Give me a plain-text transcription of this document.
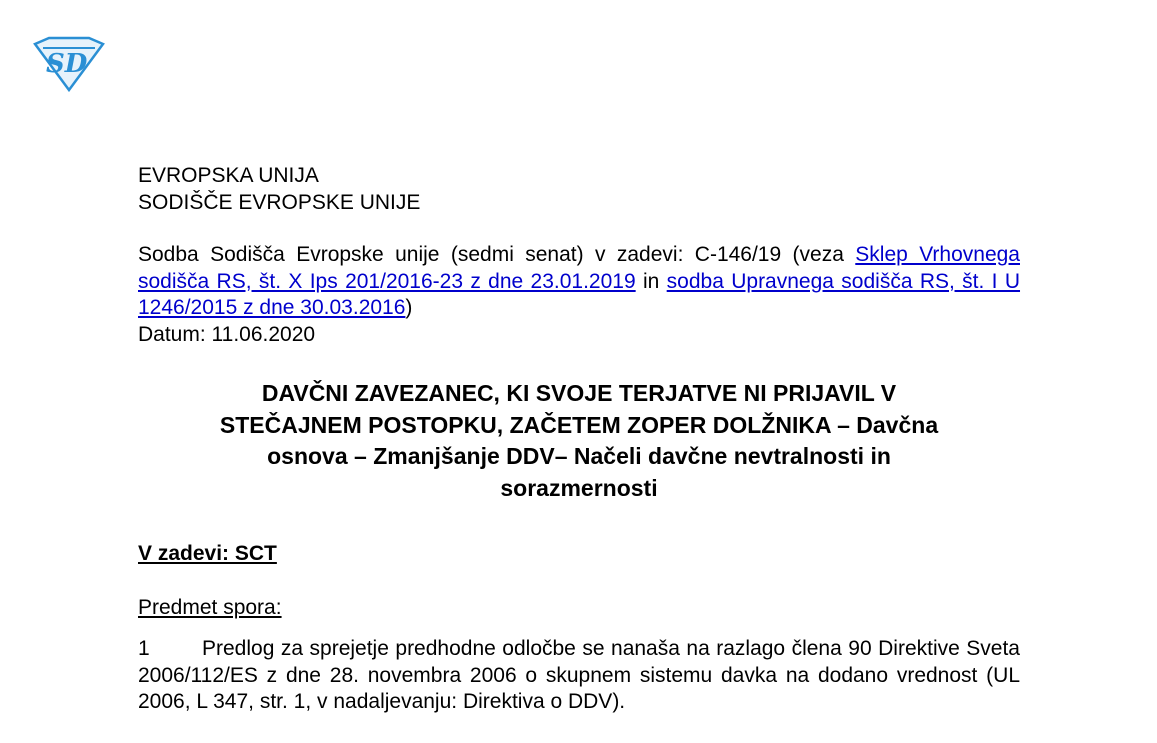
SD
EVROPSKA UNIJA
SODIŠČE EVROPSKE UNIJE
Sodba Sodišča Evropske unije (sedmi senat) v zadevi: C-146/19 (veza Sklep Vrhovnega sodišča RS, št. X Ips 201/2016-23 z dne 23.01.2019 in sodba Upravnega sodišča RS, št. I U 1246/2015 z dne 30.03.2016)
Datum: 11.06.2020
DAVČNI ZAVEZANEC, KI SVOJE TERJATVE NI PRIJAVIL V STEČAJNEM POSTOPKU, ZAČETEM ZOPER DOLŽNIKA – Davčna osnova – Zmanjšanje DDV– Načeli davčne nevtralnosti in sorazmernosti
V zadevi: SCT
Predmet spora:
1 Predlog za sprejetje predhodne odločbe se nanaša na razlago člena 90 Direktive Sveta 2006/112/ES z dne 28. novembra 2006 o skupnem sistemu davka na dodano vrednost (UL 2006, L 347, str. 1, v nadaljevanju: Direktiva o DDV).
